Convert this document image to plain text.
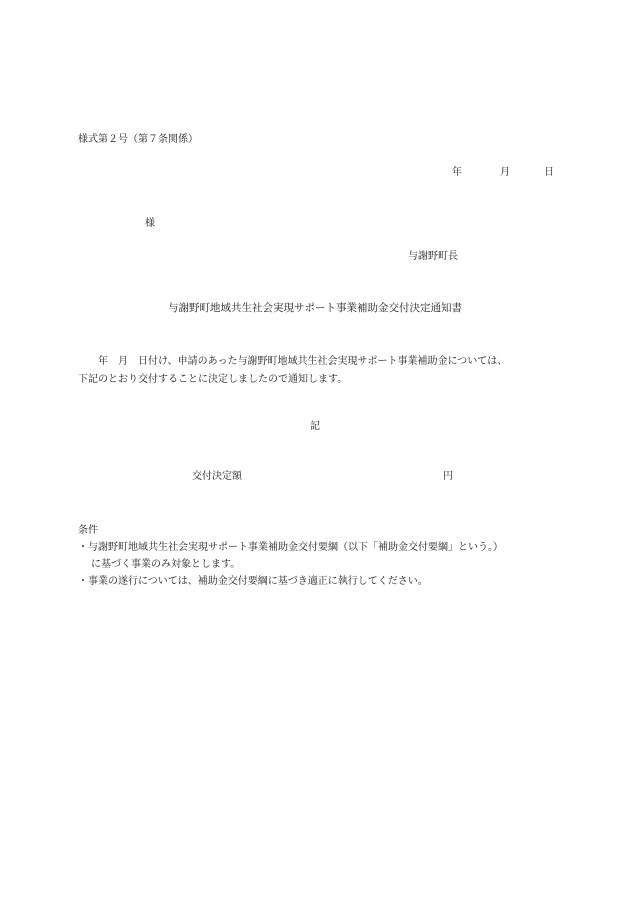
様式第２号（第７条関係）
年	月	日
様
与謝野町長
与謝野町地域共生社会実現サポート事業補助金交付決定通知書
年　月　日付け、申請のあった与謝野町地域共生社会実現サポート事業補助金については、
下記のとおり交付することに決定しましたので通知します。
記
交付決定額	円
条件
・与謝野町地域共生社会実現サポート事業補助金交付要綱（以下「補助金交付要綱」という。）
に基づく事業のみ対象とします。
・事業の遂行については、補助金交付要綱に基づき適正に執行してください。
